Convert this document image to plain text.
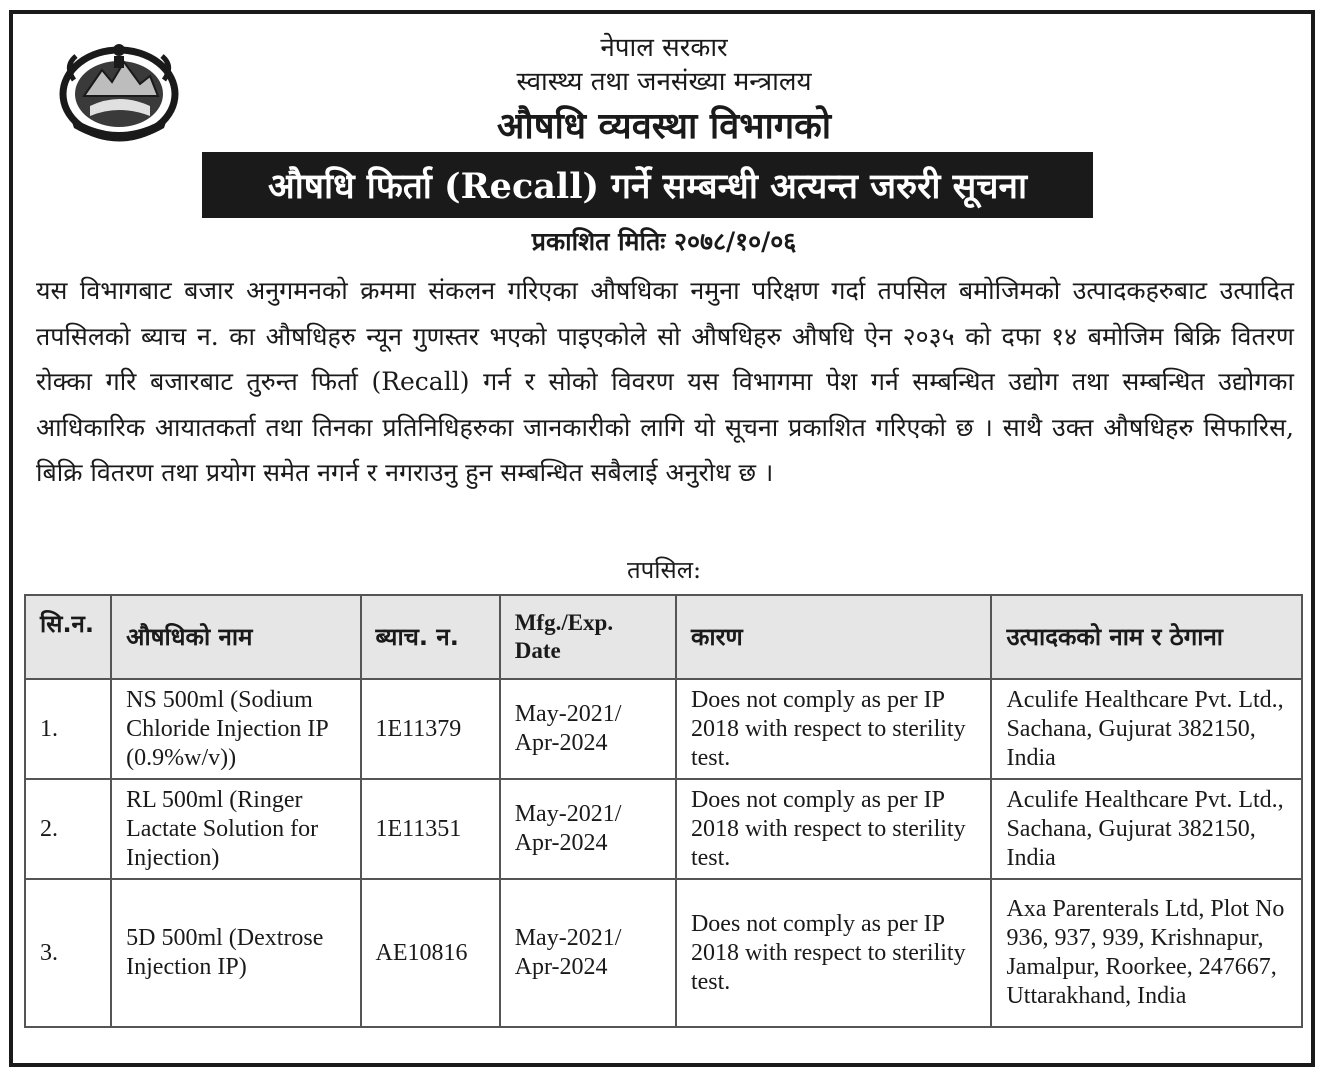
नेपाल सरकार
स्वास्थ्य तथा जनसंख्या मन्त्रालय
औषधि व्यवस्था विभागको
औषधि फिर्ता (Recall) गर्ने सम्बन्धी अत्यन्त जरुरी सूचना
प्रकाशित मितिः २०७८/१०/०६
यस विभागबाट बजार अनुगमनको क्रममा संकलन गरिएका औषधिका नमुना परिक्षण गर्दा तपसिल बमोजिमको उत्पादकहरुबाट उत्पादित तपसिलको ब्याच न. का औषधिहरु न्यून गुणस्तर भएको पाइएकोले सो औषधिहरु औषधि ऐन २०३५ को दफा १४ बमोजिम बिक्रि वितरण रोक्का गरि बजारबाट तुरुन्त फिर्ता (Recall) गर्न र सोको विवरण यस विभागमा पेश गर्न सम्बन्धित उद्योग तथा सम्बन्धित उद्योगका आधिकारिक आयातकर्ता तथा तिनका प्रतिनिधिहरुका जानकारीको लागि यो सूचना प्रकाशित गरिएको छ । साथै उक्त औषधिहरु सिफारिस, बिक्रि वितरण तथा प्रयोग समेत नगर्न र नगराउनु हुन सम्बन्धित सबैलाई अनुरोध छ ।
तपसिल:
सि.न.	औषधिको नाम	ब्याच. न.	Mfg./Exp. Date	कारण	उत्पादकको नाम र ठेगाना
1.	NS 500ml (Sodium Chloride Injection IP (0.9%w/v))	1E11379	May-2021/
Apr-2024	Does not comply as per IP 2018 with respect to sterility test.	Aculife Healthcare Pvt. Ltd., Sachana, Gujurat 382150, India
2.	RL 500ml (Ringer Lactate Solution for Injection)	1E11351	May-2021/
Apr-2024	Does not comply as per IP 2018 with respect to sterility test.	Aculife Healthcare Pvt. Ltd., Sachana, Gujurat 382150, India
3.	5D 500ml (Dextrose Injection IP)	AE10816	May-2021/
Apr-2024	Does not comply as per IP 2018 with respect to sterility test.	Axa Parenterals Ltd, Plot No 936, 937, 939, Krishnapur, Jamalpur, Roorkee, 247667, Uttarakhand, India
